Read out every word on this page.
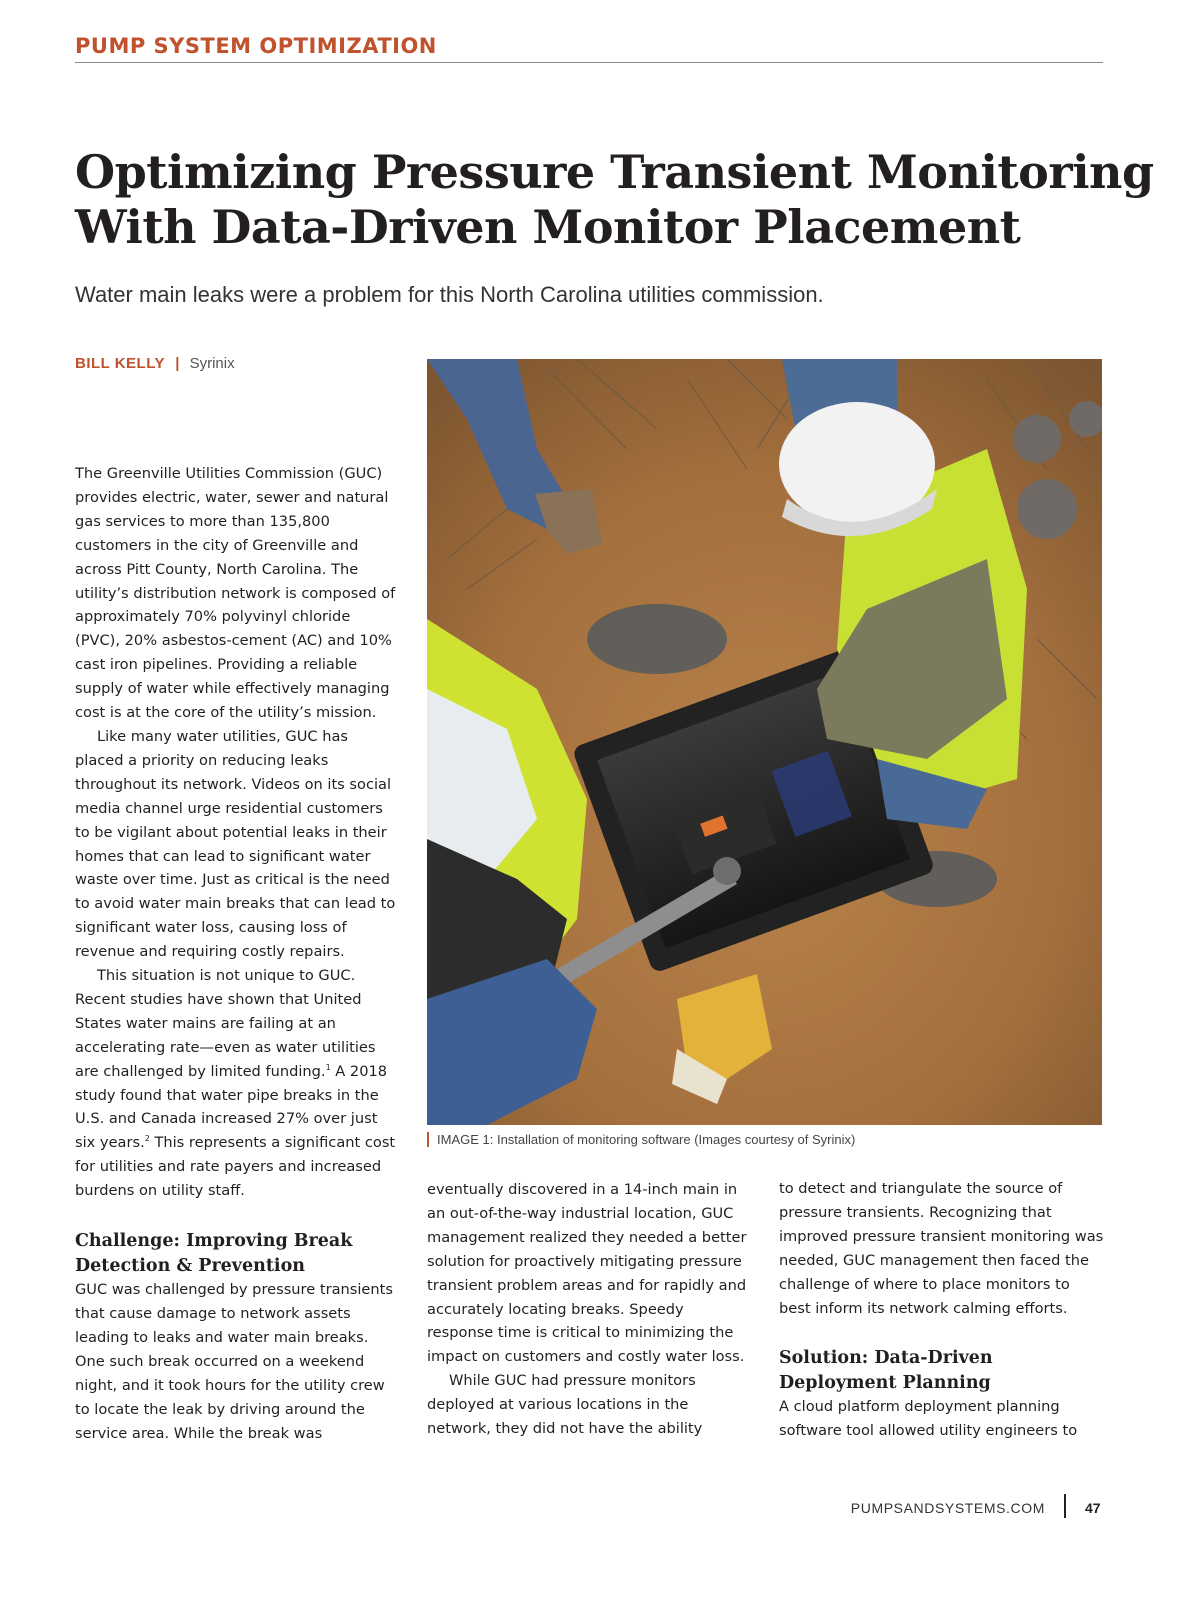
PUMP SYSTEM OPTIMIZATION
Optimizing Pressure Transient Monitoring
With Data-Driven Monitor Placement
Water main leaks were a problem for this North Carolina utilities commission.
BILL KELLY | Syrinix

The Greenville Utilities Commission (GUC) provides electric, water, sewer and natural gas services to more than 135,800 customers in the city of Greenville and across Pitt County, North Carolina. The utility’s distribution network is composed of approximately 70% polyvinyl chloride (PVC), 20% asbestos-cement (AC) and 10% cast iron pipelines. Providing a reliable supply of water while effectively managing cost is at the core of the utility’s mission.

Like many water utilities, GUC has placed a priority on reducing leaks throughout its network. Videos on its social media channel urge residential customers to be vigilant about potential leaks in their homes that can lead to significant water waste over time. Just as critical is the need to avoid water main breaks that can lead to significant water loss, causing loss of revenue and requiring costly repairs.

This situation is not unique to GUC. Recent studies have shown that United States water mains are failing at an accelerating rate—even as water utilities are challenged by limited funding.$^1$ A 2018 study found that water pipe breaks in the U.S. and Canada increased 27% over just six years.$^2$ This represents a significant cost for utilities and rate payers and increased burdens on utility staff.

Challenge: Improving Break
Detection & Prevention

GUC was challenged by pressure transients that cause damage to network assets leading to leaks and water main breaks. One such break occurred on a weekend night, and it took hours for the utility crew to locate the leak by driving around the service area. While the break was

IMAGE 1: Installation of monitoring software (Images courtesy of Syrinix)

eventually discovered in a 14-inch main in an out-of-the-way industrial location, GUC management realized they needed a better solution for proactively mitigating pressure transient problem areas and for rapidly and accurately locating breaks. Speedy response time is critical to minimizing the impact on customers and costly water loss.

While GUC had pressure monitors deployed at various locations in the network, they did not have the ability

to detect and triangulate the source of pressure transients. Recognizing that improved pressure transient monitoring was needed, GUC management then faced the challenge of where to place monitors to best inform its network calming efforts.

Solution: Data-Driven
Deployment Planning

A cloud platform deployment planning software tool allowed utility engineers to

PUMPSANDSYSTEMS.COM	47
